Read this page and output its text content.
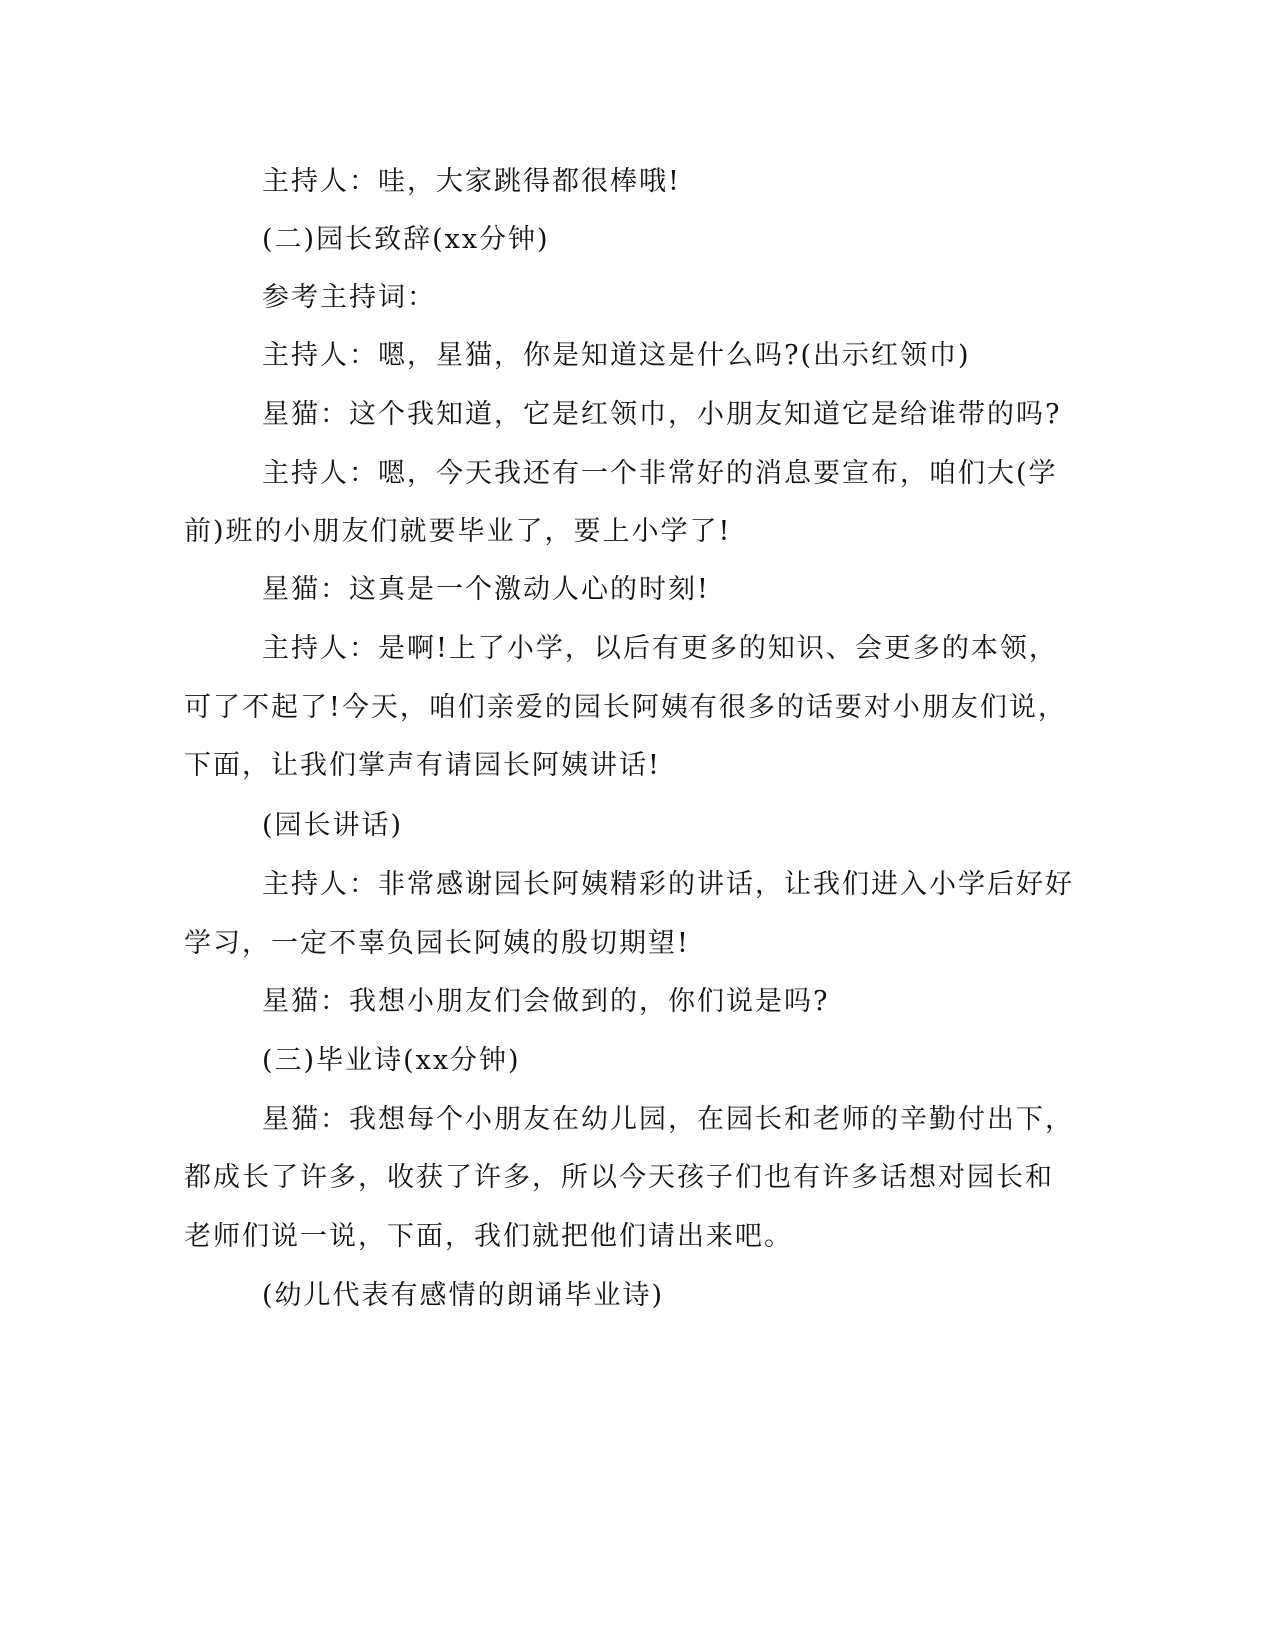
主持人：哇，大家跳得都很棒哦!
(二)园长致辞(xx分钟)
参考主持词：
主持人：嗯，星猫，你是知道这是什么吗?(出示红领巾)
星猫：这个我知道，它是红领巾，小朋友知道它是给谁带的吗?
主持人：嗯，今天我还有一个非常好的消息要宣布，咱们大(学
前)班的小朋友们就要毕业了，要上小学了!
星猫：这真是一个激动人心的时刻!
主持人：是啊!上了小学，以后有更多的知识、会更多的本领，
可了不起了!今天，咱们亲爱的园长阿姨有很多的话要对小朋友们说，
下面，让我们掌声有请园长阿姨讲话!
(园长讲话)
主持人：非常感谢园长阿姨精彩的讲话，让我们进入小学后好好
学习，一定不辜负园长阿姨的殷切期望!
星猫：我想小朋友们会做到的，你们说是吗?
(三)毕业诗(xx分钟)
星猫：我想每个小朋友在幼儿园，在园长和老师的辛勤付出下，
都成长了许多，收获了许多，所以今天孩子们也有许多话想对园长和
老师们说一说，下面，我们就把他们请出来吧。
(幼儿代表有感情的朗诵毕业诗)
